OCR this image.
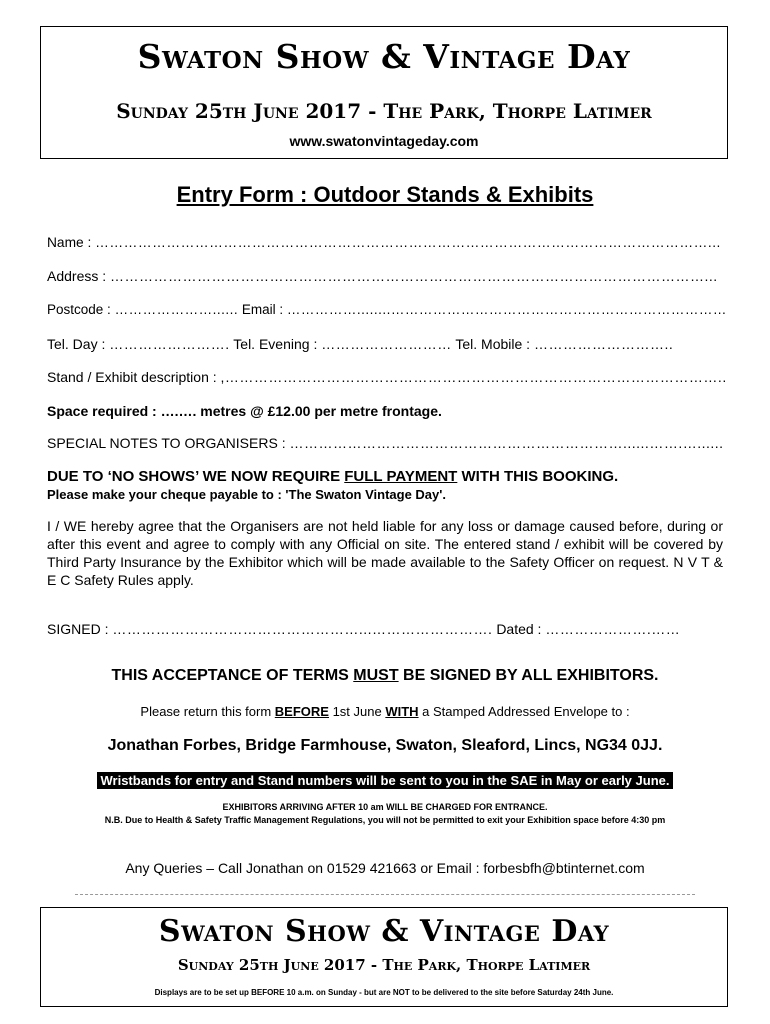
Swaton Show & Vintage Day
Sunday 25th June 2017 - The Park, Thorpe Latimer
www.swatonvintageday.com
Entry Form : Outdoor Stands & Exhibits
Name : …………………………………………………………………………………………………………………...
Address : ……………………………………………………………………………………………………………...
Postcode : …………………...... Email : ……………........………………………………………………………………
Tel. Day : ……………………. Tel. Evening : ……………………… Tel. Mobile : ………………………..
Stand / Exhibit description : ,…………………………………………………………………………………………..
Space required : ….…. metres @ £12.00 per metre frontage.
SPECIAL NOTES TO ORGANISERS : ……………………………………………………………......…….…......
DUE TO ‘NO SHOWS’ WE NOW REQUIRE FULL PAYMENT WITH THIS BOOKING.
Please make your cheque payable to : 'The Swaton Vintage Day'.
I / WE hereby agree that the Organisers are not held liable for any loss or damage caused before, during or after this event and agree to comply with any Official on site. The entered stand / exhibit will be covered by Third Party Insurance by the Exhibitor which will be made available to the Safety Officer on request. N V T & E C Safety Rules apply.
SIGNED : ……………………………………………...……………………. Dated : ………………….……
THIS ACCEPTANCE OF TERMS MUST BE SIGNED BY ALL EXHIBITORS.
Please return this form BEFORE 1st June WITH a Stamped Addressed Envelope to :
Jonathan Forbes, Bridge Farmhouse, Swaton, Sleaford, Lincs, NG34 0JJ.
Wristbands for entry and Stand numbers will be sent to you in the SAE in May or early June.
EXHIBITORS ARRIVING AFTER 10 am WILL BE CHARGED FOR ENTRANCE.
N.B. Due to Health & Safety Traffic Management Regulations, you will not be permitted to exit your Exhibition space before 4:30 pm
Any Queries – Call Jonathan on 01529 421663 or Email : forbesbfh@btinternet.com
Swaton Show & Vintage Day
Sunday 25th June 2017 - The Park, Thorpe Latimer
Displays are to be set up BEFORE 10 a.m. on Sunday - but are NOT to be delivered to the site before Saturday 24th June.
